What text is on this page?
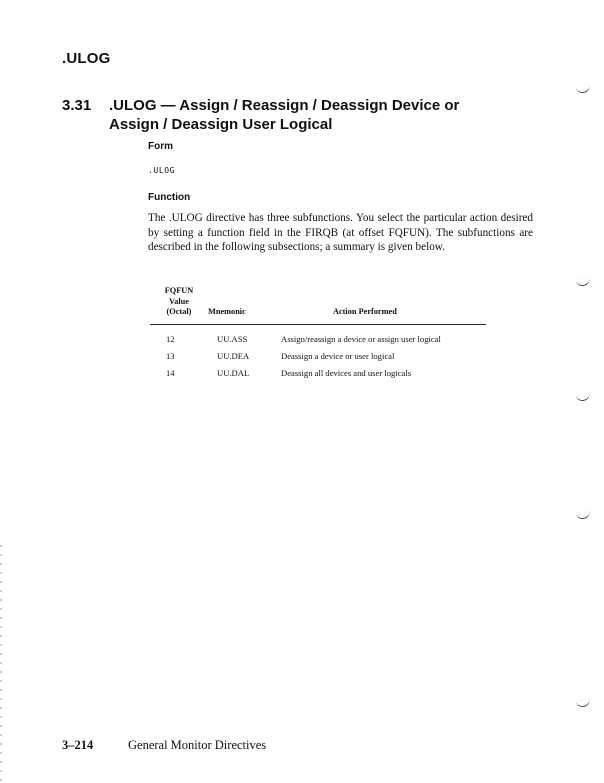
.ULOG
3.31 .ULOG — Assign / Reassign / Deassign Device or
Assign / Deassign User Logical
Form
.ULOG
Function
The .ULOG directive has three subfunctions. You select the particular action desired by setting a function field in the FIRQB (at offset FQFUN). The subfunctions are described in the following subsections; a summary is given below.
FQFUN
Value
(Octal)	Mnemonic	Action Performed
12	UU.ASS	Assign/reassign a device or assign user logical
13	UU.DEA	Deassign a device or user logical
14	UU.DAL	Deassign all devices and user logicals
3–214	General Monitor Directives
